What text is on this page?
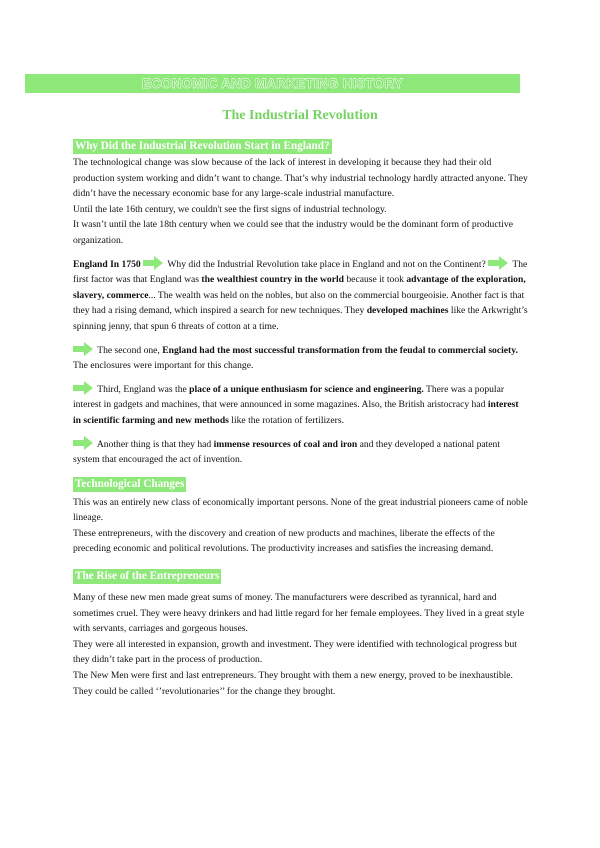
ECONOMIC AND MARKETING HISTORY
The Industrial Revolution
Why Did the Industrial Revolution Start in England?

The technological change was slow because of the lack of interest in developing it because they had their old production system working and didn’t want to change. That’s why industrial technology hardly attracted anyone. They didn’t have the necessary economic base for any large-scale industrial manufacture.

Until the late 16th century, we couldn't see the first signs of industrial technology.

It wasn’t until the late 18th century when we could see that the industry would be the dominant form of productive organization.

England In 1750	Why did the Industrial Revolution take place in England and not on the Continent?
The first factor was that England was the wealthiest country in the world because it took advantage of the exploration, slavery, commerce... The wealth was held on the nobles, but also on the commercial bourgeoisie. Another fact is that they had a rising demand, which inspired a search for new techniques. They developed machines like the Arkwright’s spinning jenny, that spun 6 threats of cotton at a time.

The second one, England had the most successful transformation from the feudal to commercial society. The enclosures were important for this change.

Third, England was the place of a unique enthusiasm for science and engineering. There was a popular interest in gadgets and machines, that were announced in some magazines. Also, the British aristocracy had interest in scientific farming and new methods like the rotation of fertilizers.

Another thing is that they had immense resources of coal and iron and they developed a national patent system that encouraged the act of invention.

Technological Changes

This was an entirely new class of economically important persons. None of the great industrial pioneers came of noble lineage.

These entrepreneurs, with the discovery and creation of new products and machines, liberate the effects of the preceding economic and political revolutions. The productivity increases and satisfies the increasing demand.

The Rise of the Entrepreneurs

Many of these new men made great sums of money. The manufacturers were described as tyrannical, hard and sometimes cruel. They were heavy drinkers and had little regard for her female employees. They lived in a great style with servants, carriages and gorgeous houses.

They were all interested in expansion, growth and investment. They were identified with technological progress but they didn’t take part in the process of production.

The New Men were first and last entrepreneurs. They brought with them a new energy, proved to be inexhaustible. They could be called ‘’revolutionaries’’ for the change they brought.
